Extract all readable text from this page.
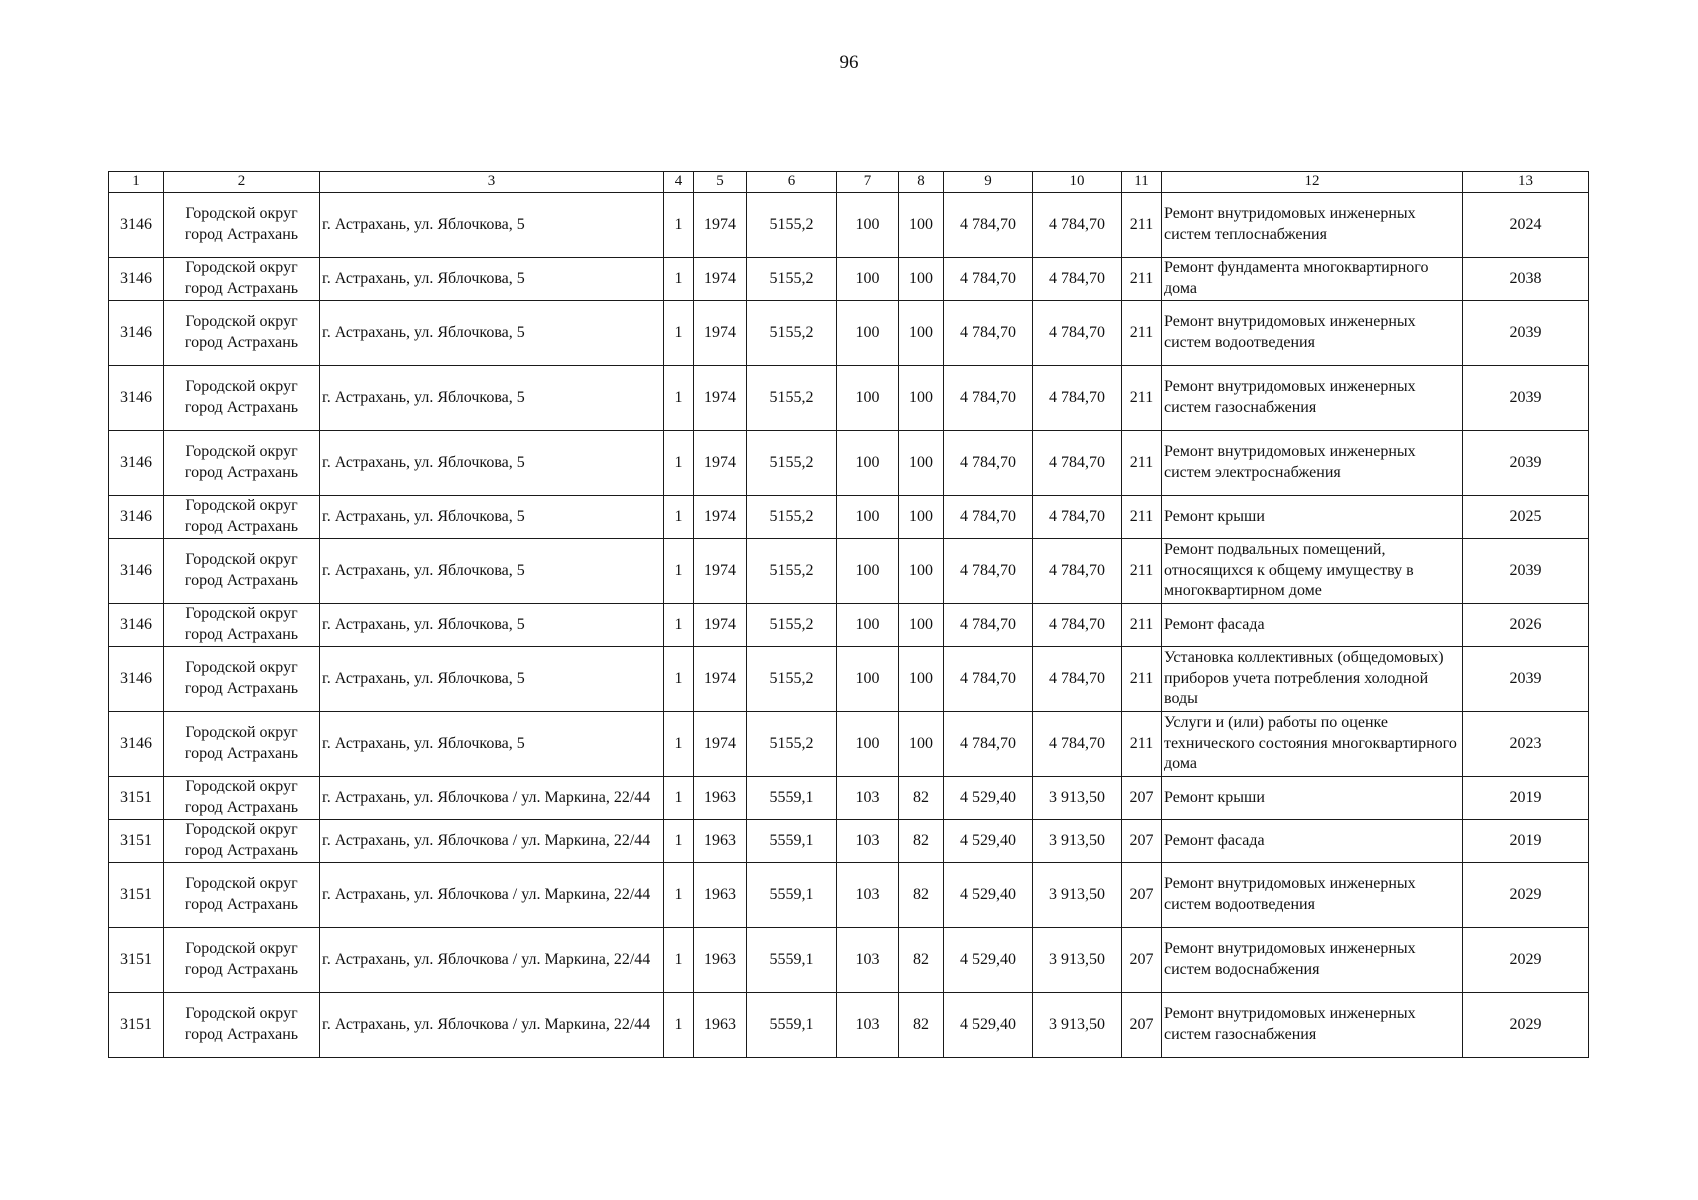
96
1	2	3	4	5	6	7	8	9	10	11	12	13
3146	Городской округ город Астрахань	г. Астрахань, ул. Яблочкова, 5	1	1974	5155,2	100	100	4 784,70	4 784,70	211	Ремонт внутридомовых инженерных систем теплоснабжения	2024
3146	Городской округ город Астрахань	г. Астрахань, ул. Яблочкова, 5	1	1974	5155,2	100	100	4 784,70	4 784,70	211	Ремонт фундамента многоквартирного дома	2038
3146	Городской округ город Астрахань	г. Астрахань, ул. Яблочкова, 5	1	1974	5155,2	100	100	4 784,70	4 784,70	211	Ремонт внутридомовых инженерных систем водоотведения	2039
3146	Городской округ город Астрахань	г. Астрахань, ул. Яблочкова, 5	1	1974	5155,2	100	100	4 784,70	4 784,70	211	Ремонт внутридомовых инженерных систем газоснабжения	2039
3146	Городской округ город Астрахань	г. Астрахань, ул. Яблочкова, 5	1	1974	5155,2	100	100	4 784,70	4 784,70	211	Ремонт внутридомовых инженерных систем электроснабжения	2039
3146	Городской округ город Астрахань	г. Астрахань, ул. Яблочкова, 5	1	1974	5155,2	100	100	4 784,70	4 784,70	211	Ремонт крыши	2025
3146	Городской округ город Астрахань	г. Астрахань, ул. Яблочкова, 5	1	1974	5155,2	100	100	4 784,70	4 784,70	211	Ремонт подвальных помещений, относящихся к общему имуществу в многоквартирном доме	2039
3146	Городской округ город Астрахань	г. Астрахань, ул. Яблочкова, 5	1	1974	5155,2	100	100	4 784,70	4 784,70	211	Ремонт фасада	2026
3146	Городской округ город Астрахань	г. Астрахань, ул. Яблочкова, 5	1	1974	5155,2	100	100	4 784,70	4 784,70	211	Установка коллективных (общедомовых) приборов учета потребления холодной воды	2039
3146	Городской округ город Астрахань	г. Астрахань, ул. Яблочкова, 5	1	1974	5155,2	100	100	4 784,70	4 784,70	211	Услуги и (или) работы по оценке технического состояния многоквартирного дома	2023
3151	Городской округ город Астрахань	г. Астрахань, ул. Яблочкова / ул. Маркина, 22/44	1	1963	5559,1	103	82	4 529,40	3 913,50	207	Ремонт крыши	2019
3151	Городской округ город Астрахань	г. Астрахань, ул. Яблочкова / ул. Маркина, 22/44	1	1963	5559,1	103	82	4 529,40	3 913,50	207	Ремонт фасада	2019
3151	Городской округ город Астрахань	г. Астрахань, ул. Яблочкова / ул. Маркина, 22/44	1	1963	5559,1	103	82	4 529,40	3 913,50	207	Ремонт внутридомовых инженерных систем водоотведения	2029
3151	Городской округ город Астрахань	г. Астрахань, ул. Яблочкова / ул. Маркина, 22/44	1	1963	5559,1	103	82	4 529,40	3 913,50	207	Ремонт внутридомовых инженерных систем водоснабжения	2029
3151	Городской округ город Астрахань	г. Астрахань, ул. Яблочкова / ул. Маркина, 22/44	1	1963	5559,1	103	82	4 529,40	3 913,50	207	Ремонт внутридомовых инженерных систем газоснабжения	2029
